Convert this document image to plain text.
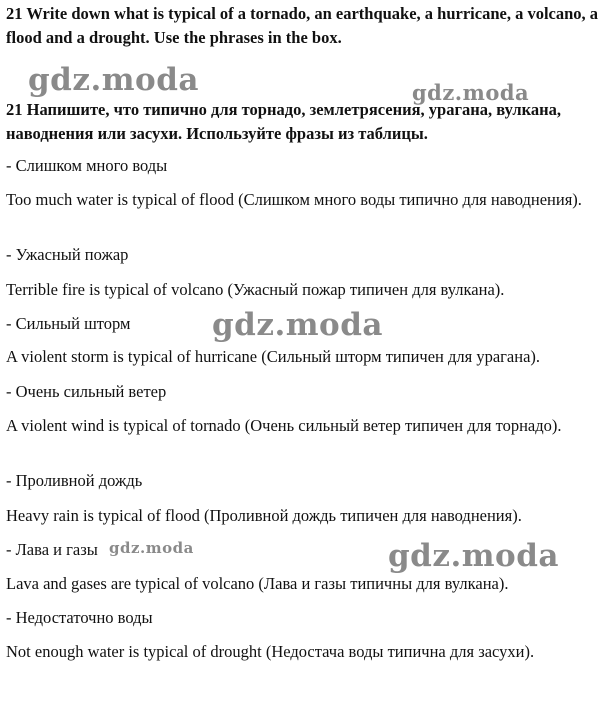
21 Write down what is typical of a tornado, an earthquake, a hurricane, a volcano, a flood and a drought. Use the phrases in the box.
21 Напишите, что типично для торнадо, землетрясения, урагана, вулкана, наводнения или засухи. Используйте фразы из таблицы.
- Слишком много воды
Too much water is typical of flood (Слишком много воды типично для наводнения).
- Ужасный пожар
Terrible fire is typical of volcano (Ужасный пожар типичен для вулкана).
- Сильный шторм
A violent storm is typical of hurricane (Сильный шторм типичен для урагана).
- Очень сильный ветер
A violent wind is typical of tornado (Очень сильный ветер типичен для торнадо).
- Проливной дождь
Heavy rain is typical of flood (Проливной дождь типичен для наводнения).
- Лава и газы
Lava and gases are typical of volcano (Лава и газы типичны для вулкана).
- Недостаточно воды
Not enough water is typical of drought (Недостача воды типична для засухи).
gdz.moda	gdz.moda
gdz.moda
gdz.moda	gdz.moda
